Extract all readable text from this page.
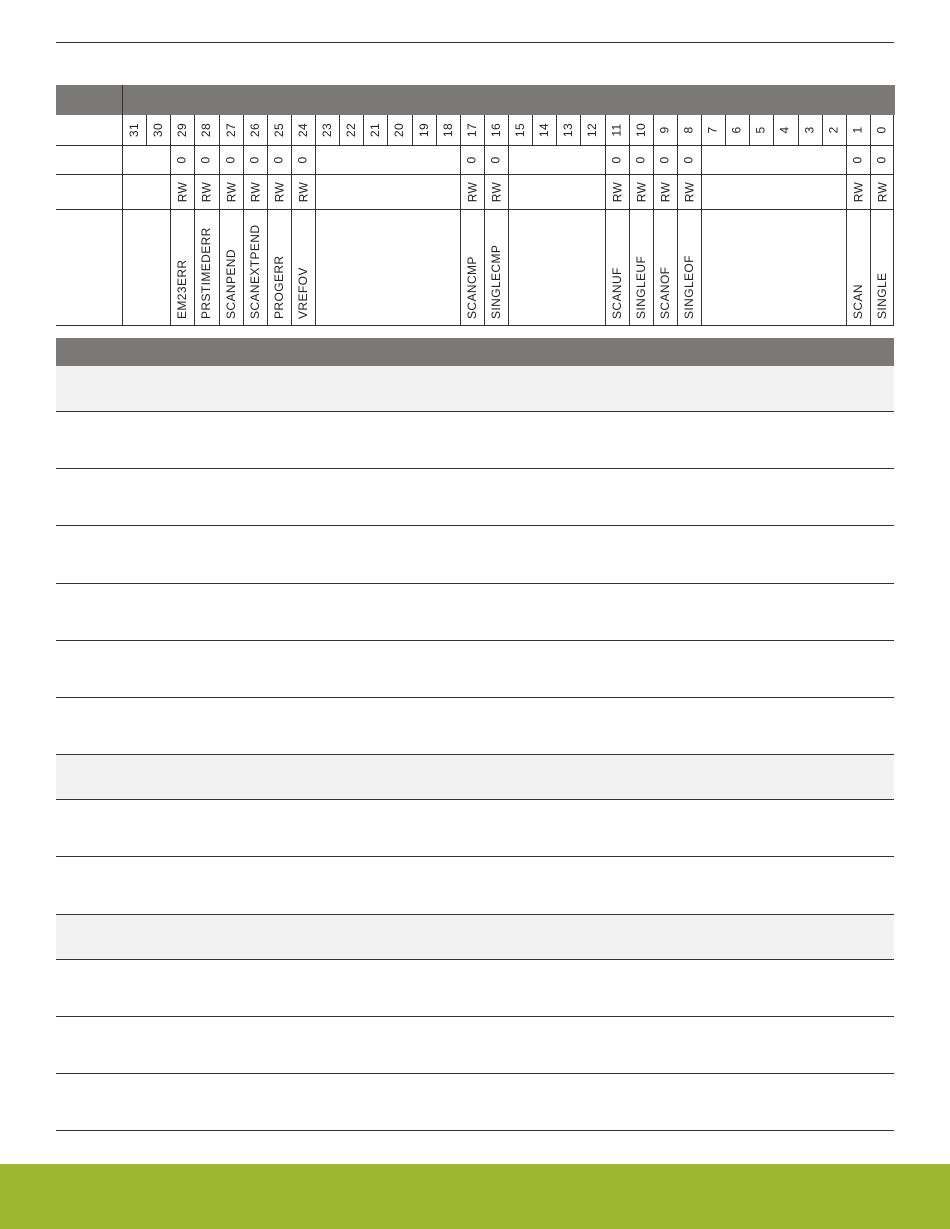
31 30 29 28 27 26 25 24 23 22 21 20 19 18 17 16 15 14 13 12 11 10 9 8 7 6 5 4 3 2 1 0
0
RW
EM23ERR
0
RW
PRSTIMEDERR
0
RW
SCANPEND
0
RW
SCANEXTPEND
0
RW
PROGERR
0
RW
VREFOV
0
RW
SCANCMP
0
RW
SINGLECMP
0
RW
SCANUF
0
RW
SINGLEUF
0
RW
SCANOF
0
RW
SINGLEOF
0
RW
SCAN
0
RW
SINGLE
